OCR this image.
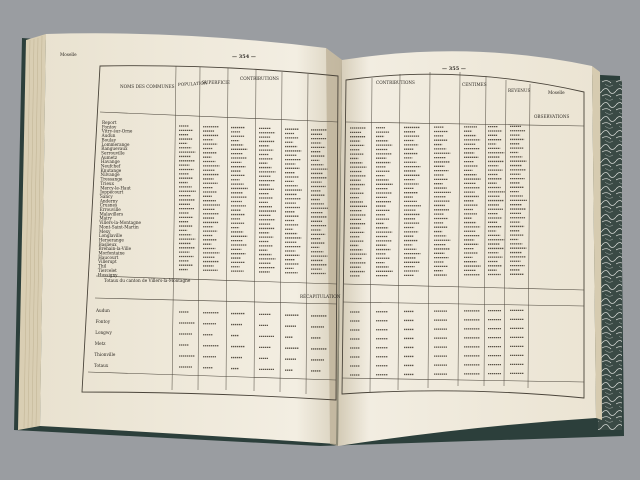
Moselle	— 354 —
NOMS DES COMMUNES POPULATION
SUPERFICIE
CONTRIBUTIONS
Report
Fontoy
Vitry-sur-Orne
Audun
Boulay
Lommerange
Ranguevaux
Serrouville
Aumetz
Havange
Neufchef
Knutange
Nilvange
Tressange
Trieux
Mercy-le-Haut
Joppécourt
Sancy
Anderny
Crusnes
Errouville
Malavillers
Mairy
Villers-la-Montagne
Mont-Saint-Martin
Mexy
Longlaville
Herserange
Baslieux
Bréhain-la-Ville
Morfontaine
Haucourt
Villerupt
Thil
Tiercelet
Hussigny
Totaux du canton de Villers-la-Montagne
Audun
Fontoy
Longwy
Metz
Thionville
Totaux
— 355 —
Moselle
CONTRIBUTIONS	CENTIMES
REVENUS
OBSERVATIONS
RÉCAPITULATION
